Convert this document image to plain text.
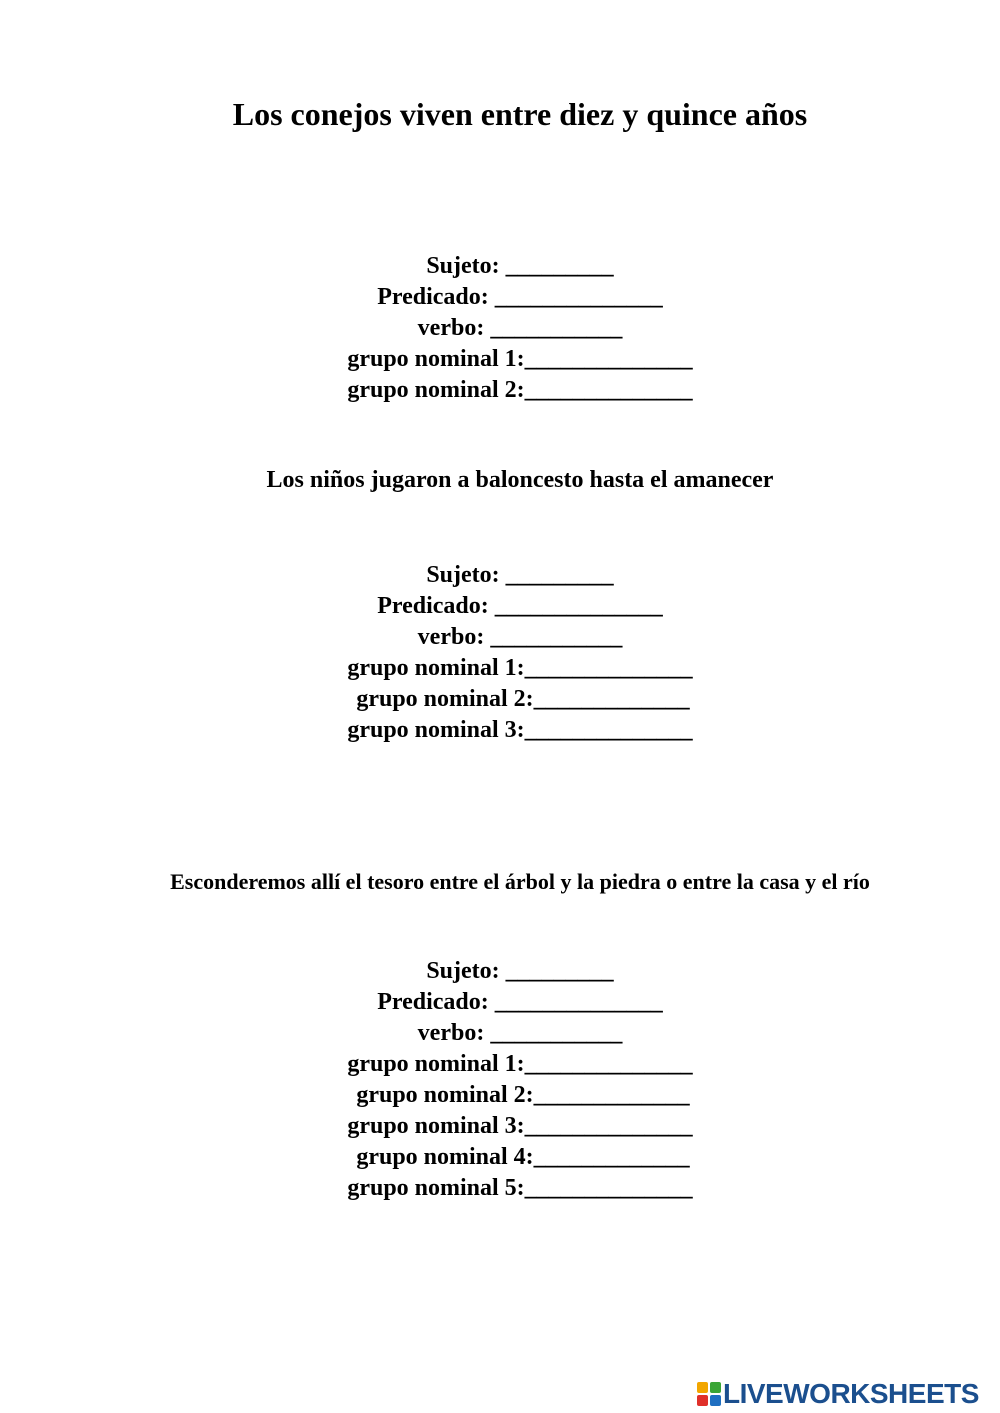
Los conejos viven entre diez y quince años
Sujeto: _________
Predicado: ______________
verbo: ___________
grupo nominal 1:______________
grupo nominal 2:______________
Los niños jugaron a baloncesto hasta el amanecer
Sujeto: _________
Predicado: ______________
verbo: ___________
grupo nominal 1:______________
grupo nominal 2:_____________
grupo nominal 3:______________
Esconderemos allí el tesoro entre el árbol y la piedra o entre la casa y el río
Sujeto: _________
Predicado: ______________
verbo: ___________
grupo nominal 1:______________
grupo nominal 2:_____________
grupo nominal 3:______________
grupo nominal 4:_____________
grupo nominal 5:______________
LIVEWORKSHEETS
